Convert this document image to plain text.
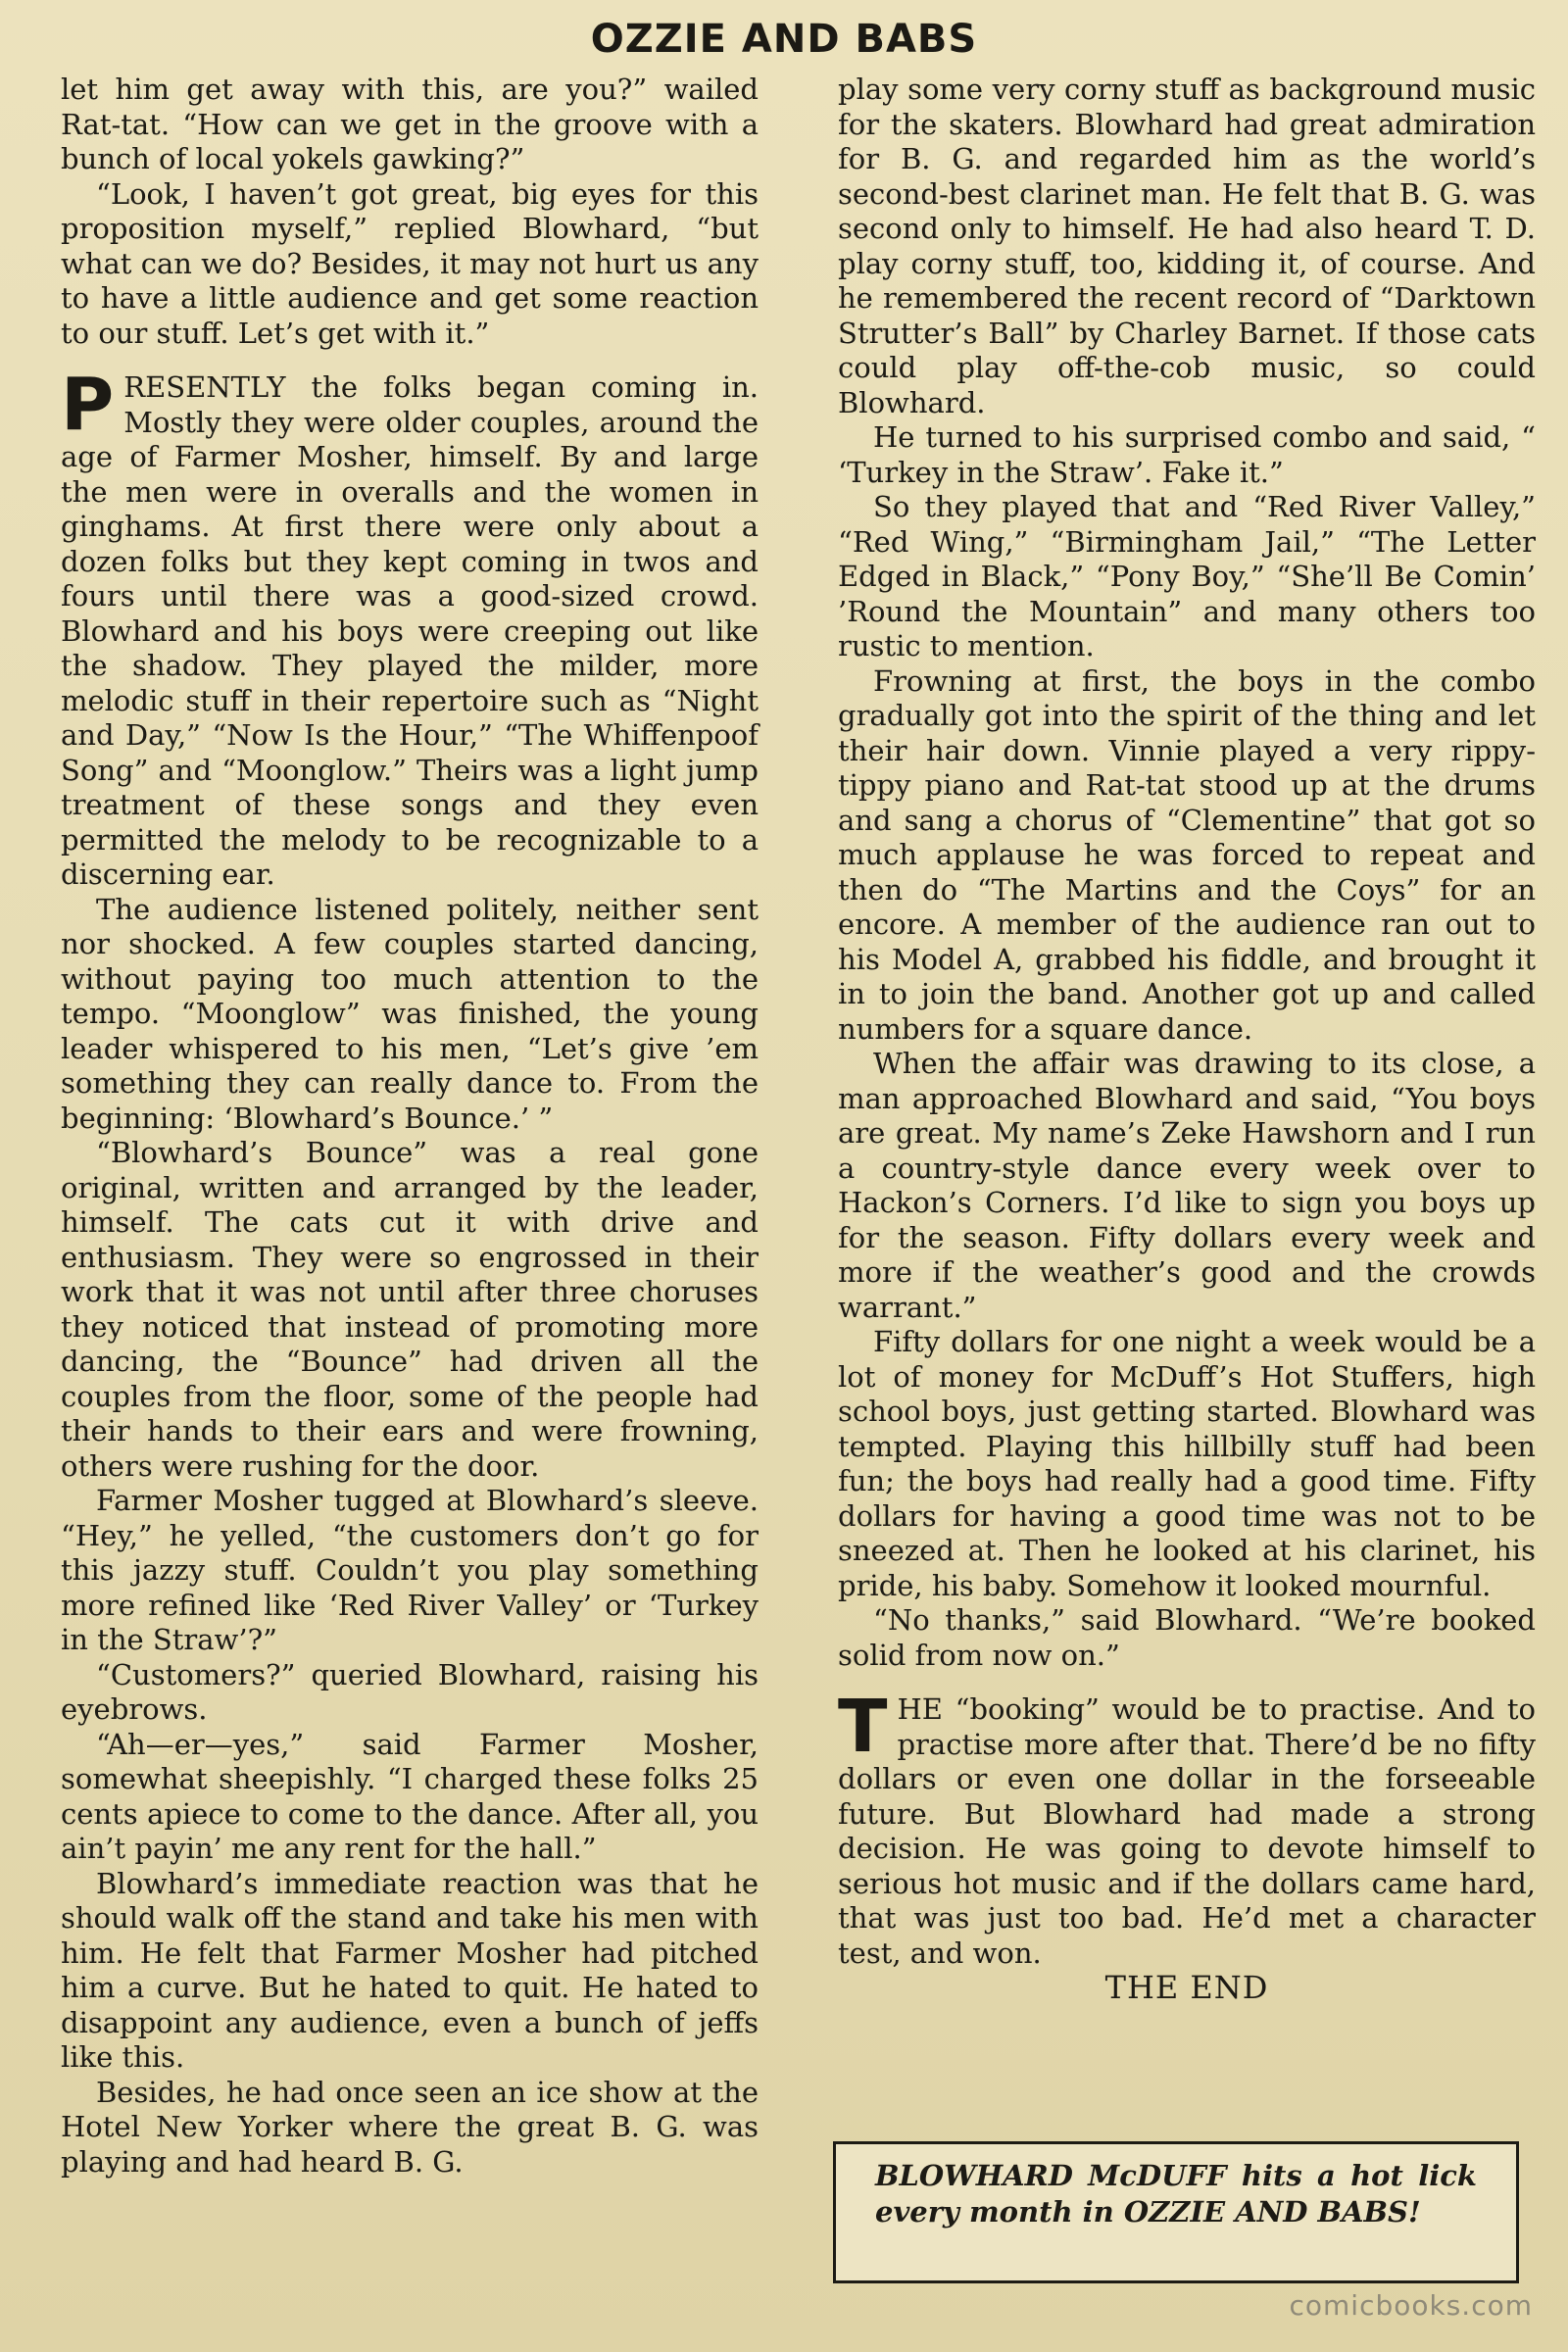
OZZIE AND BABS

let him get away with this, are you?” wailed Rat-tat. “How can we get in the groove with a bunch of local yokels gawking?”

“Look, I haven’t got great, big eyes for this proposition myself,” replied Blowhard, “but what can we do? Besides, it may not hurt us any to have a little audience and get some reaction to our stuff. Let’s get with it.”

PRESENTLY the folks began coming in. Mostly they were older couples, around the age of Farmer Mosher, himself. By and large the men were in overalls and the women in ginghams. At first there were only about a dozen folks but they kept coming in twos and fours until there was a good-sized crowd. Blowhard and his boys were creeping out like the shadow. They played the milder, more melodic stuff in their repertoire such as “Night and Day,” “Now Is the Hour,” “The Whiffenpoof Song” and “Moonglow.” Theirs was a light jump treatment of these songs and they even permitted the melody to be recognizable to a discerning ear.

The audience listened politely, neither sent nor shocked. A few couples started dancing, without paying too much attention to the tempo. “Moonglow” was finished, the young leader whispered to his men, “Let’s give ’em something they can really dance to. From the beginning: ‘Blowhard’s Bounce.’ ”

“Blowhard’s Bounce” was a real gone original, written and arranged by the leader, himself. The cats cut it with drive and enthusiasm. They were so engrossed in their work that it was not until after three choruses they noticed that instead of promoting more dancing, the “Bounce” had driven all the couples from the floor, some of the people had their hands to their ears and were frowning, others were rushing for the door.

Farmer Mosher tugged at Blowhard’s sleeve. “Hey,” he yelled, “the customers don’t go for this jazzy stuff. Couldn’t you play something more refined like ‘Red River Valley’ or ‘Turkey in the Straw’?”

“Customers?” queried Blowhard, raising his eyebrows.

“Ah—er—yes,” said Farmer Mosher, somewhat sheepishly. “I charged these folks 25 cents apiece to come to the dance. After all, you ain’t payin’ me any rent for the hall.”

Blowhard’s immediate reaction was that he should walk off the stand and take his men with him. He felt that Farmer Mosher had pitched him a curve. But he hated to quit. He hated to disappoint any audience, even a bunch of jeffs like this.

Besides, he had once seen an ice show at the Hotel New Yorker where the great B. G. was playing and had heard B. G.

play some very corny stuff as background music for the skaters. Blowhard had great admiration for B. G. and regarded him as the world’s second-best clarinet man. He felt that B. G. was second only to himself. He had also heard T. D. play corny stuff, too, kidding it, of course. And he remembered the recent record of “Darktown Strutter’s Ball” by Charley Barnet. If those cats could play off-the-cob music, so could Blowhard.

He turned to his surprised combo and said, “ ‘Turkey in the Straw’. Fake it.”

So they played that and “Red River Valley,” “Red Wing,” “Birmingham Jail,” “The Letter Edged in Black,” “Pony Boy,” “She’ll Be Comin’ ’Round the Mountain” and many others too rustic to mention.

Frowning at first, the boys in the combo gradually got into the spirit of the thing and let their hair down. Vinnie played a very rippy-tippy piano and Rat-tat stood up at the drums and sang a chorus of “Clementine” that got so much applause he was forced to repeat and then do “The Martins and the Coys” for an encore. A member of the audience ran out to his Model A, grabbed his fiddle, and brought it in to join the band. Another got up and called numbers for a square dance.

When the affair was drawing to its close, a man approached Blowhard and said, “You boys are great. My name’s Zeke Hawshorn and I run a country-style dance every week over to Hackon’s Corners. I’d like to sign you boys up for the season. Fifty dollars every week and more if the weather’s good and the crowds warrant.”

Fifty dollars for one night a week would be a lot of money for McDuff’s Hot Stuffers, high school boys, just getting started. Blowhard was tempted. Playing this hillbilly stuff had been fun; the boys had really had a good time. Fifty dollars for having a good time was not to be sneezed at. Then he looked at his clarinet, his pride, his baby. Somehow it looked mournful.

“No thanks,” said Blowhard. “We’re booked solid from now on.”

THE “booking” would be to practise. And to practise more after that. There’d be no fifty dollars or even one dollar in the forseeable future. But Blowhard had made a strong decision. He was going to devote himself to serious hot music and if the dollars came hard, that was just too bad. He’d met a character test, and won.

THE END
BLOWHARD McDUFF hits a hot lick every month in OZZIE AND BABS!
comicbooks.com
